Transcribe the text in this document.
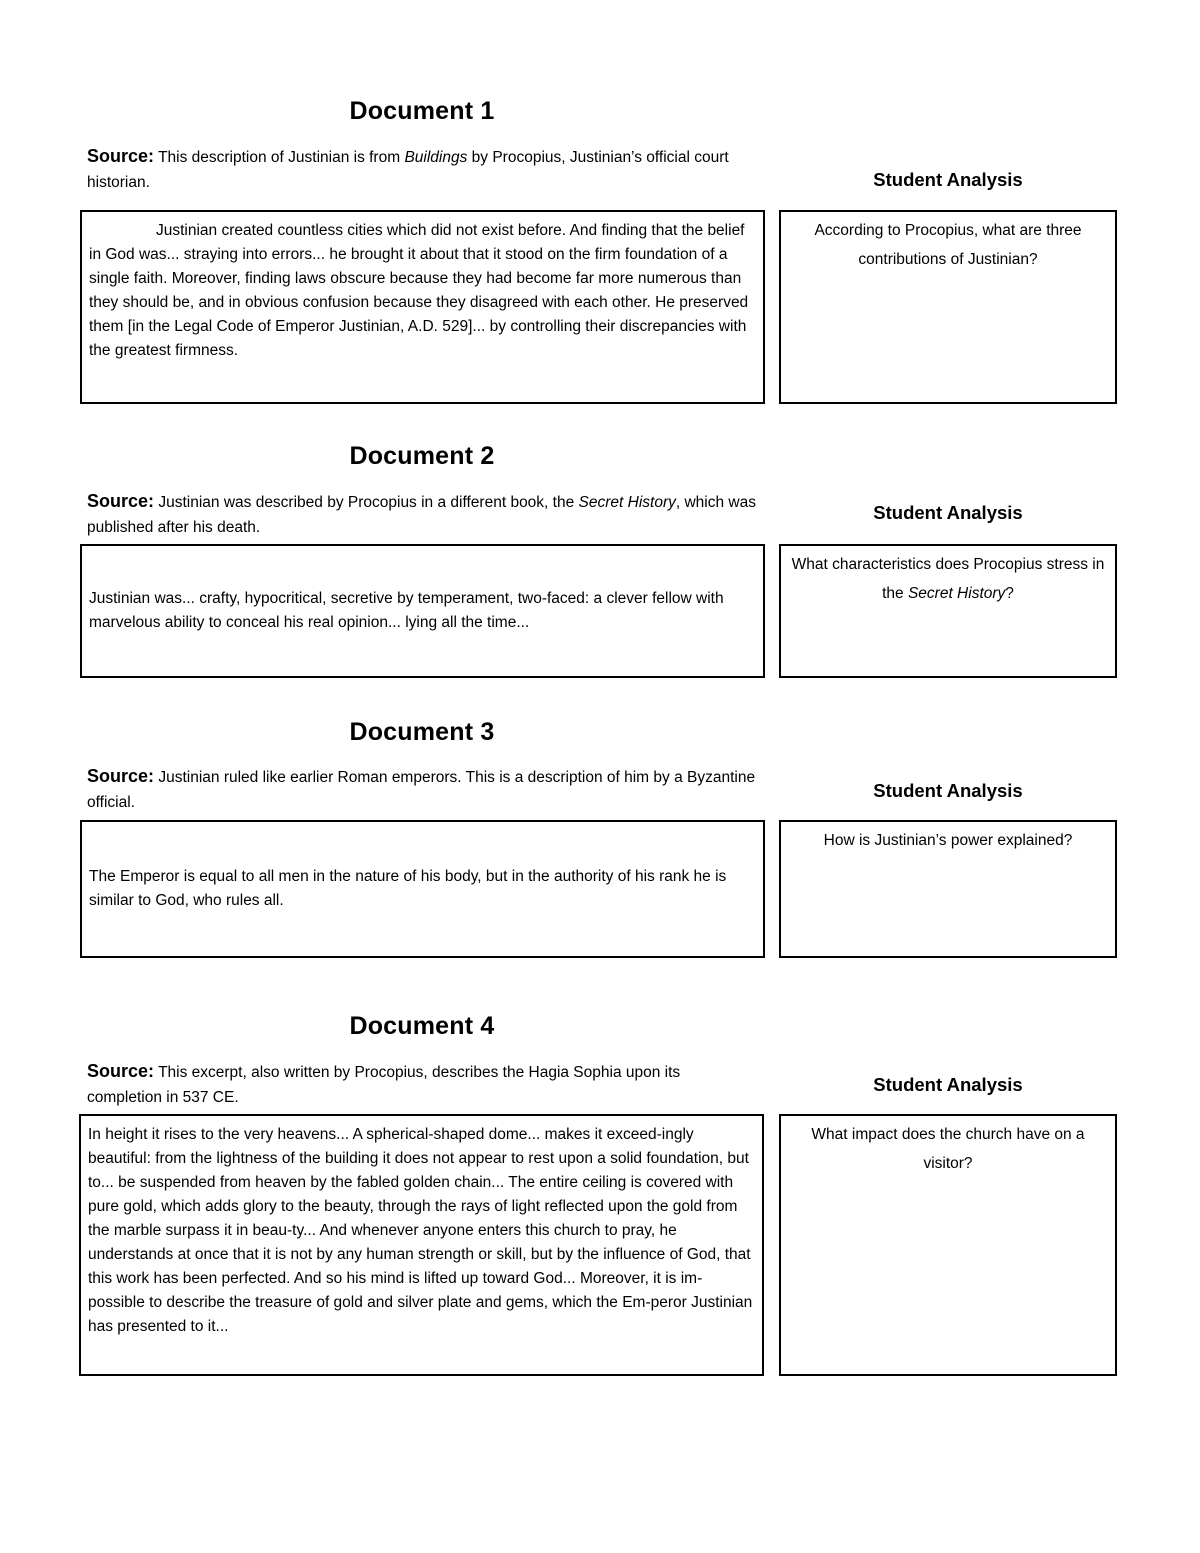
Document 1
Source: This description of Justinian is from Buildings by Procopius, Justinian’s official court historian.	Student Analysis
Justinian created countless cities which did not exist before. And finding that the belief in God was... straying into errors... he brought it about that it stood on the firm foundation of a single faith. Moreover, finding laws obscure because they had become far more numerous than they should be, and in obvious confusion because they disagreed with each other. He preserved them [in the Legal Code of Emperor Justinian, A.D. 529]... by controlling their discrepancies with the greatest firmness.
According to Procopius, what are three contributions of Justinian?
Document 2
Source: Justinian was described by Procopius in a different book, the Secret History, which was published after his death.
Student Analysis
Justinian was... crafty, hypocritical, secretive by temperament, two-faced: a clever fellow with marvelous ability to conceal his real opinion... lying all the time...
What characteristics does Procopius stress in the Secret History?
Document 3
Source: Justinian ruled like earlier Roman emperors. This is a description of him by a Byzantine official.
Student Analysis
The Emperor is equal to all men in the nature of his body, but in the authority of his rank he is similar to God, who rules all.
How is Justinian’s power explained?
Document 4
Source: This excerpt, also written by Procopius, describes the Hagia Sophia upon its completion in 537 CE.
Student Analysis
In height it rises to the very heavens... A spherical-shaped dome... makes it exceed-ingly beautiful: from the lightness of the building it does not appear to rest upon a solid foundation, but to... be suspended from heaven by the fabled golden chain... The entire ceiling is covered with pure gold, which adds glory to the beauty, through the rays of light reflected upon the gold from the marble surpass it in beau-ty... And whenever anyone enters this church to pray, he understands at once that it is not by any human strength or skill, but by the influence of God, that this work has been perfected. And so his mind is lifted up toward God... Moreover, it is im-possible to describe the treasure of gold and silver plate and gems, which the Em-peror Justinian has presented to it...
What impact does the church have on a visitor?
